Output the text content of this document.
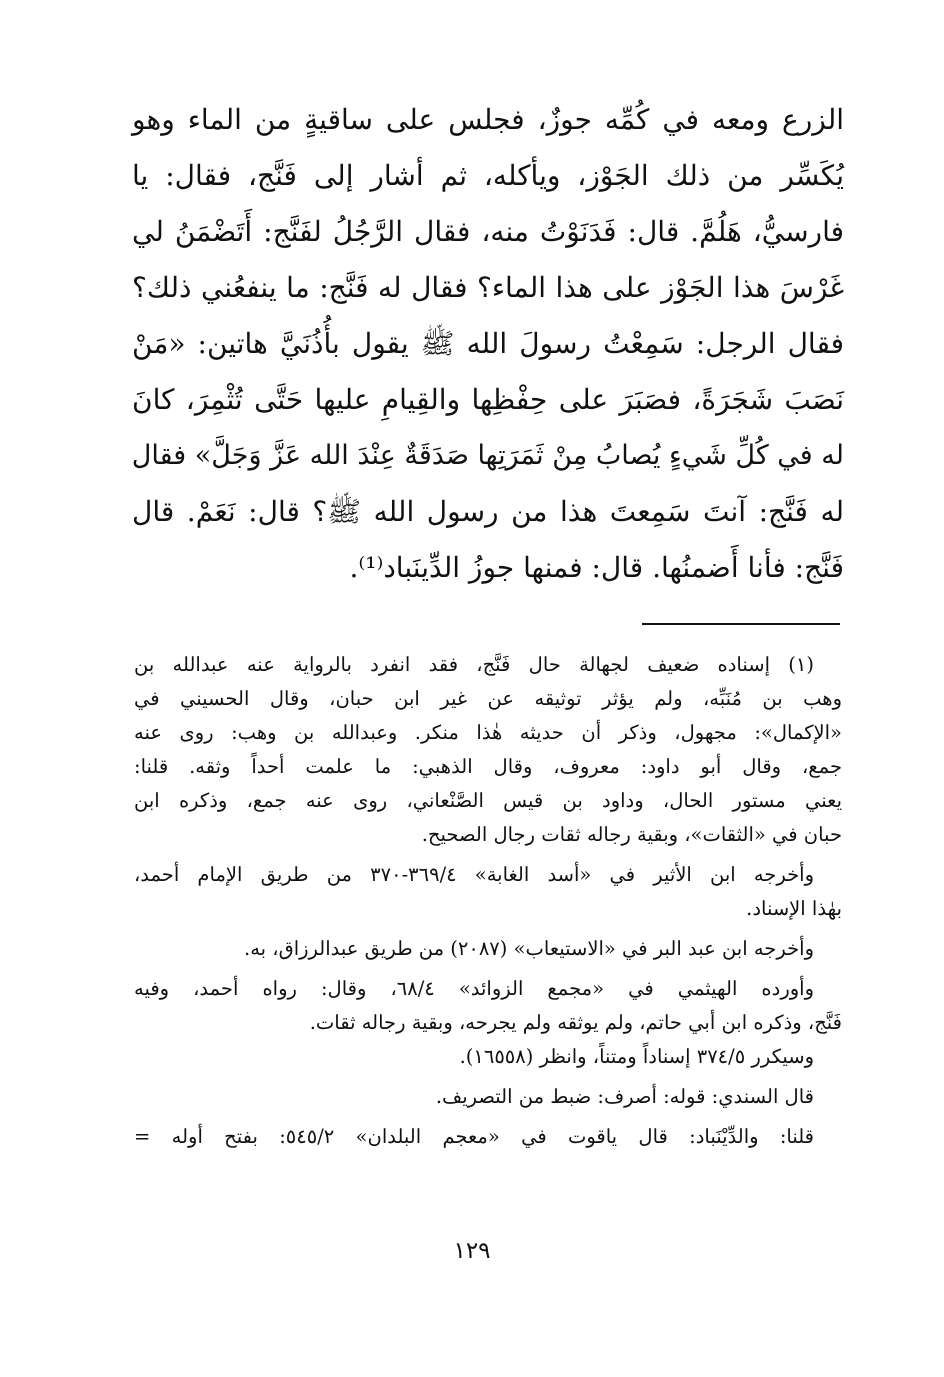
الزرع ومعه في كُمِّه جوزٌ، فجلس على ساقيةٍ من الماء وهو
يُكَسِّر من ذلك الجَوْز، ويأكله، ثم أشار إلى فَنَّج، فقال: يا
فارسيُّ، هَلُمَّ. قال: فَدَنَوْتُ منه، فقال الرَّجُلُ لفَنَّج: أَتَضْمَنُ لي
غَرْسَ هذا الجَوْز على هذا الماء؟ فقال له فَنَّج: ما ينفعُني ذلك؟
فقال الرجل: سَمِعْتُ رسولَ الله ﷺ يقول بأُذُنَيَّ هاتين: «مَنْ
نَصَبَ شَجَرَةً، فصَبَرَ على حِفْظِها والقِيامِ عليها حَتَّى تُثْمِرَ، كانَ
له في كُلِّ شَيءٍ يُصابُ مِنْ ثَمَرَتِها صَدَقَةٌ عِنْدَ الله عَزَّ وَجَلَّ» فقال
له فَنَّج: آنتَ سَمِعتَ هذا من رسول الله ﷺ؟ قال: نَعَمْ. قال
فَنَّج: فأنا أَضمنُها. قال: فمنها جوزُ الدِّينَباد⁽¹⁾.
(١) إسناده ضعيف لجهالة حال فَنَّج، فقد انفرد بالرواية عنه عبدالله بن
وهب بن مُنَبِّه، ولم يؤثر توثيقه عن غير ابن حبان، وقال الحسيني في
«الإكمال»: مجهول، وذكر أن حديثه هٰذا منكر. وعبدالله بن وهب: روى عنه
جمع، وقال أبو داود: معروف، وقال الذهبي: ما علمت أحداً وثقه. قلنا:
يعني مستور الحال، وداود بن قيس الصَّنْعاني، روى عنه جمع، وذكره ابن
حبان في «الثقات»، وبقية رجاله ثقات رجال الصحيح.
وأخرجه ابن الأثير في «أسد الغابة» ٣٦٩/٤-٣٧٠ من طريق الإمام أحمد،
بهٰذا الإسناد.
وأخرجه ابن عبد البر في «الاستيعاب» (٢٠٨٧) من طريق عبدالرزاق، به.
وأورده الهيثمي في «مجمع الزوائد» ٦٨/٤، وقال: رواه أحمد، وفيه
فَنَّج، وذكره ابن أبي حاتم، ولم يوثقه ولم يجرحه، وبقية رجاله ثقات.
وسيكرر ٣٧٤/٥ إسناداً ومتناً، وانظر (١٦٥٥٨).
قال السندي: قوله: أصرف: ضبط من التصريف.
قلنا: والدِّيْنَباد: قال ياقوت في «معجم البلدان» ٥٤٥/٢: بفتح أوله =
١٢٩
